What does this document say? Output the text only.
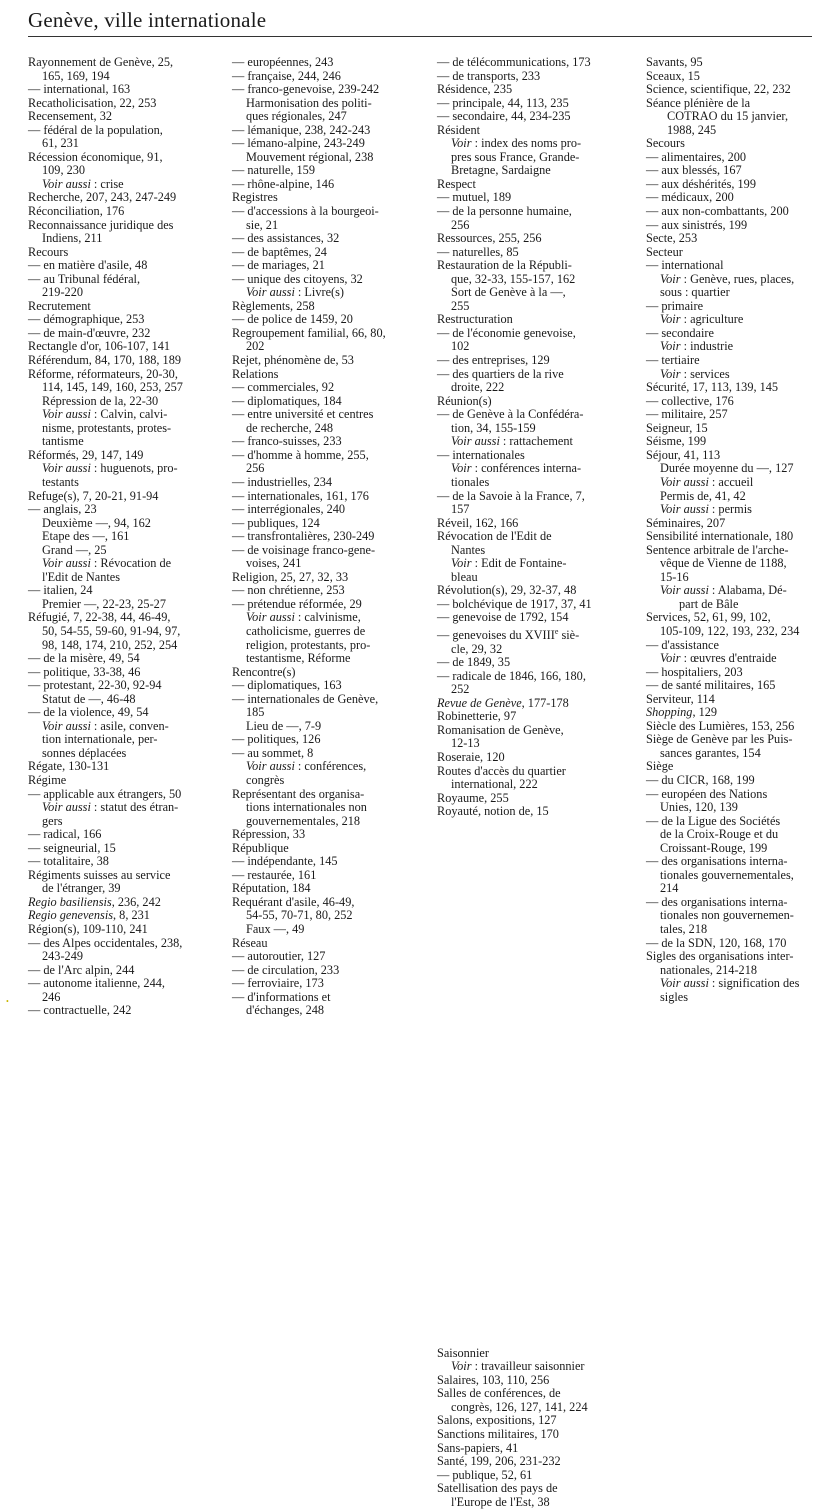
Genève, ville internationale
Rayonnement de Genève, 25,
165, 169, 194
— international, 163
Recatholicisation, 22, 253
Recensement, 32
— fédéral de la population,
61, 231
Récession économique, 91,
109, 230
Voir aussi : crise
Recherche, 207, 243, 247-249
Réconciliation, 176
Reconnaissance juridique des
Indiens, 211
Recours
— en matière d'asile, 48
— au Tribunal fédéral,
219-220
Recrutement
— démographique, 253
— de main-d'œuvre, 232
Rectangle d'or, 106-107, 141
Référendum, 84, 170, 188, 189
Réforme, réformateurs, 20-30,
114, 145, 149, 160, 253, 257
Répression de la, 22-30
Voir aussi : Calvin, calvi-
nisme, protestants, protes-
tantisme
Réformés, 29, 147, 149
Voir aussi : huguenots, pro-
testants
Refuge(s), 7, 20-21, 91-94
— anglais, 23
Deuxième —, 94, 162
Etape des —, 161
Grand —, 25
Voir aussi : Révocation de
l'Edit de Nantes
— italien, 24
Premier —, 22-23, 25-27
Réfugié, 7, 22-38, 44, 46-49,
50, 54-55, 59-60, 91-94, 97,
98, 148, 174, 210, 252, 254
— de la misère, 49, 54
— politique, 33-38, 46
— protestant, 22-30, 92-94
Statut de —, 46-48
— de la violence, 49, 54
Voir aussi : asile, conven-
tion internationale, per-
sonnes déplacées
Régate, 130-131
Régime
— applicable aux étrangers, 50
Voir aussi : statut des étran-
gers
— radical, 166
— seigneurial, 15
— totalitaire, 38
Régiments suisses au service
de l'étranger, 39
Regio basiliensis, 236, 242
Regio genevensis, 8, 231
Région(s), 109-110, 241
— des Alpes occidentales, 238,
243-249
— de l'Arc alpin, 244
— autonome italienne, 244,
246
— contractuelle, 242
— européennes, 243
— française, 244, 246
— franco-genevoise, 239-242
Harmonisation des politi-
ques régionales, 247
— lémanique, 238, 242-243
— lémano-alpine, 243-249
Mouvement régional, 238
— naturelle, 159
— rhône-alpine, 146
Registres
— d'accessions à la bourgeoi-
sie, 21
— des assistances, 32
— de baptêmes, 24
— de mariages, 21
— unique des citoyens, 32
Voir aussi : Livre(s)
Règlements, 258
— de police de 1459, 20
Regroupement familial, 66, 80,
202
Rejet, phénomène de, 53
Relations
— commerciales, 92
— diplomatiques, 184
— entre université et centres
de recherche, 248
— franco-suisses, 233
— d'homme à homme, 255,
256
— industrielles, 234
— internationales, 161, 176
— interrégionales, 240
— publiques, 124
— transfrontalières, 230-249
— de voisinage franco-gene-
voises, 241
Religion, 25, 27, 32, 33
— non chrétienne, 253
— prétendue réformée, 29
Voir aussi : calvinisme,
catholicisme, guerres de
religion, protestants, pro-
testantisme, Réforme
Rencontre(s)
— diplomatiques, 163
— internationales de Genève,
185
Lieu de —, 7-9
— politiques, 126
— au sommet, 8
Voir aussi : conférences,
congrès
Représentant des organisa-
tions internationales non
gouvernementales, 218
Répression, 33
République
— indépendante, 145
— restaurée, 161
Réputation, 184
Requérant d'asile, 46-49,
54-55, 70-71, 80, 252
Faux —, 49
Réseau
— autoroutier, 127
— de circulation, 233
— ferroviaire, 173
— d'informations et
d'échanges, 248
— de télécommunications, 173
— de transports, 233
Résidence, 235
— principale, 44, 113, 235
— secondaire, 44, 234-235
Résident
Voir : index des noms pro-
pres sous France, Grande-
Bretagne, Sardaigne
Respect
— mutuel, 189
— de la personne humaine,
256
Ressources, 255, 256
— naturelles, 85
Restauration de la Républi-
que, 32-33, 155-157, 162
Sort de Genève à la —,
255
Restructuration
— de l'économie genevoise,
102
— des entreprises, 129
— des quartiers de la rive
droite, 222
Réunion(s)
— de Genève à la Confédéra-
tion, 34, 155-159
Voir aussi : rattachement
— internationales
Voir : conférences interna-
tionales
— de la Savoie à la France, 7,
157
Réveil, 162, 166
Révocation de l'Edit de
Nantes
Voir : Edit de Fontaine-
bleau
Révolution(s), 29, 32-37, 48
— bolchévique de 1917, 37, 41
— genevoise de 1792, 154
— genevoises du XVIIIe siè-
cle, 29, 32
— de 1849, 35
— radicale de 1846, 166, 180,
252
Revue de Genève, 177-178
Robinetterie, 97
Romanisation de Genève,
12-13
Roseraie, 120
Routes d'accès du quartier
international, 222
Royaume, 255
Royauté, notion de, 15
Saisonnier
Voir : travailleur saisonnier
Salaires, 103, 110, 256
Salles de conférences, de
congrès, 126, 127, 141, 224
Salons, expositions, 127
Sanctions militaires, 170
Sans-papiers, 41
Santé, 199, 206, 231-232
— publique, 52, 61
Satellisation des pays de
l'Europe de l'Est, 38
Savants, 95
Sceaux, 15
Science, scientifique, 22, 232
Séance plénière de la
COTRAO du 15 janvier,
1988, 245
Secours
— alimentaires, 200
— aux blessés, 167
— aux déshérités, 199
— médicaux, 200
— aux non-combattants, 200
— aux sinistrés, 199
Secte, 253
Secteur
— international
Voir : Genève, rues, places,
sous : quartier
— primaire
Voir : agriculture
— secondaire
Voir : industrie
— tertiaire
Voir : services
Sécurité, 17, 113, 139, 145
— collective, 176
— militaire, 257
Seigneur, 15
Séisme, 199
Séjour, 41, 113
Durée moyenne du —, 127
Voir aussi : accueil
Permis de, 41, 42
Voir aussi : permis
Séminaires, 207
Sensibilité internationale, 180
Sentence arbitrale de l'arche-
vêque de Vienne de 1188,
15-16
Voir aussi : Alabama, Dé-
part de Bâle
Services, 52, 61, 99, 102,
105-109, 122, 193, 232, 234
— d'assistance
Voir : œuvres d'entraide
— hospitaliers, 203
— de santé militaires, 165
Serviteur, 114
Shopping, 129
Siècle des Lumières, 153, 256
Siège de Genève par les Puis-
sances garantes, 154
Siège
— du CICR, 168, 199
— européen des Nations
Unies, 120, 139
— de la Ligue des Sociétés
de la Croix-Rouge et du
Croissant-Rouge, 199
— des organisations interna-
tionales gouvernementales,
214
— des organisations interna-
tionales non gouvernemen-
tales, 218
— de la SDN, 120, 168, 170
Sigles des organisations inter-
nationales, 214-218
Voir aussi : signification des
sigles
•
